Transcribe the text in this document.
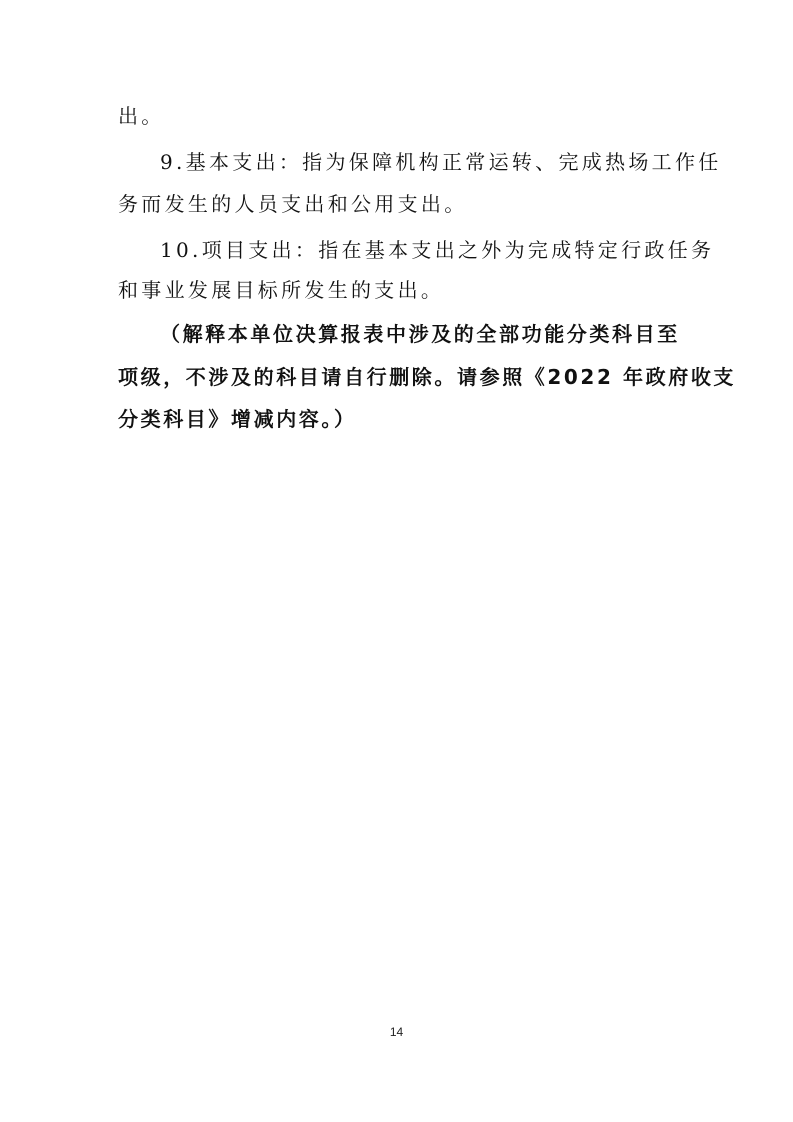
出。
9.基本支出：指为保障机构正常运转、完成热场工作任
务而发生的人员支出和公用支出。
10.项目支出：指在基本支出之外为完成特定行政任务
和事业发展目标所发生的支出。
（解释本单位决算报表中涉及的全部功能分类科目至
项级，不涉及的科目请自行删除。请参照《2022 年政府收支
分类科目》增减内容。）
14
